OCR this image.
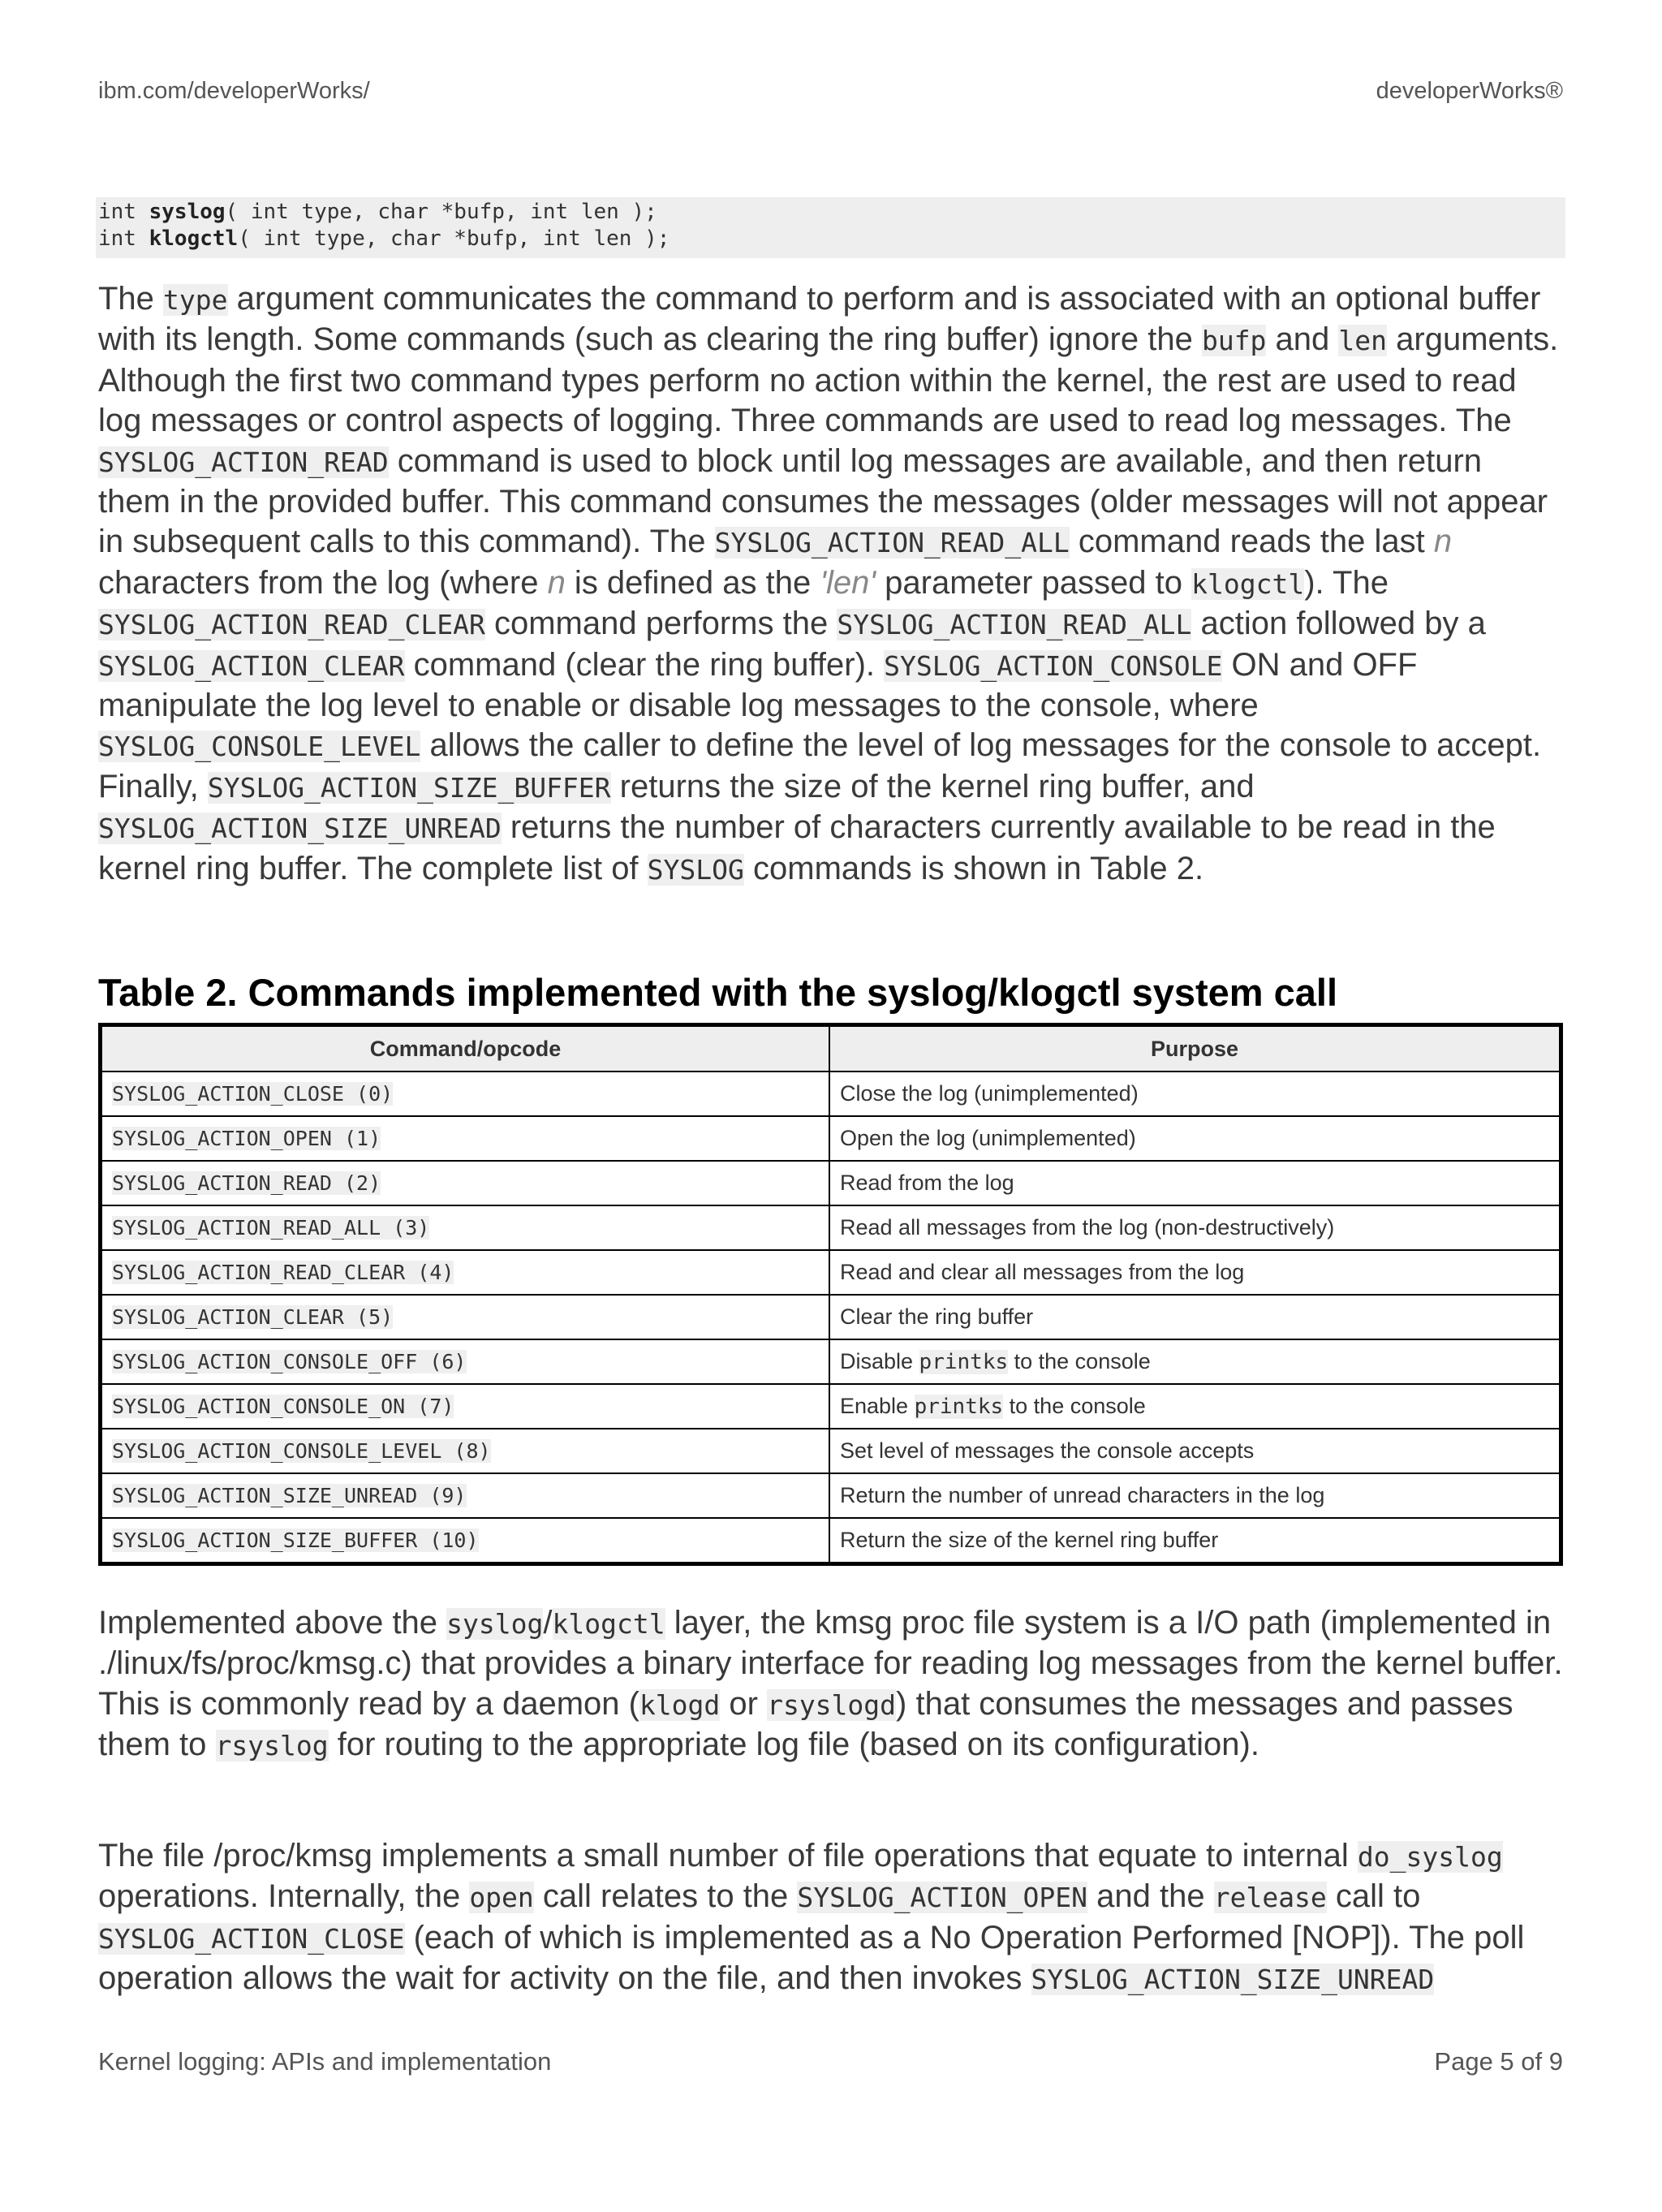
ibm.com/developerWorks/	developerWorks®
int syslog( int type, char *bufp, int len );
int klogctl( int type, char *bufp, int len );

The type argument communicates the command to perform and is associated with an optional buffer with its length. Some commands (such as clearing the ring buffer) ignore the bufp and len arguments. Although the first two command types perform no action within the kernel, the rest are used to read log messages or control aspects of logging. Three commands are used to read log messages. The SYSLOG_ACTION_READ command is used to block until log messages are available, and then return them in the provided buffer. This command consumes the messages (older messages will not appear in subsequent calls to this command). The SYSLOG_ACTION_READ_ALL command reads the last n characters from the log (where n is defined as the 'len' parameter passed to klogctl). The SYSLOG_ACTION_READ_CLEAR command performs the SYSLOG_ACTION_READ_ALL action followed by a SYSLOG_ACTION_CLEAR command (clear the ring buffer). SYSLOG_ACTION_CONSOLE ON and OFF manipulate the log level to enable or disable log messages to the console, where SYSLOG_CONSOLE_LEVEL allows the caller to define the level of log messages for the console to accept. Finally, SYSLOG_ACTION_SIZE_BUFFER returns the size of the kernel ring buffer, and SYSLOG_ACTION_SIZE_UNREAD returns the number of characters currently available to be read in the kernel ring buffer. The complete list of SYSLOG commands is shown in Table 2.

Table 2. Commands implemented with the syslog/klogctl system call
Command/opcode	Purpose
SYSLOG_ACTION_CLOSE (0)	Close the log (unimplemented)
SYSLOG_ACTION_OPEN (1)	Open the log (unimplemented)
SYSLOG_ACTION_READ (2)	Read from the log
SYSLOG_ACTION_READ_ALL (3)	Read all messages from the log (non-destructively)
SYSLOG_ACTION_READ_CLEAR (4)	Read and clear all messages from the log
SYSLOG_ACTION_CLEAR (5)	Clear the ring buffer
SYSLOG_ACTION_CONSOLE_OFF (6)	Disable printks to the console
SYSLOG_ACTION_CONSOLE_ON (7)	Enable printks to the console
SYSLOG_ACTION_CONSOLE_LEVEL (8)	Set level of messages the console accepts
SYSLOG_ACTION_SIZE_UNREAD (9)	Return the number of unread characters in the log
SYSLOG_ACTION_SIZE_BUFFER (10)	Return the size of the kernel ring buffer

Implemented above the syslog/klogctl layer, the kmsg proc file system is a I/O path (implemented in ./linux/fs/proc/kmsg.c) that provides a binary interface for reading log messages from the kernel buffer. This is commonly read by a daemon (klogd or rsyslogd) that consumes the messages and passes them to rsyslog for routing to the appropriate log file (based on its configuration).

The file /proc/kmsg implements a small number of file operations that equate to internal do_syslog operations. Internally, the open call relates to the SYSLOG_ACTION_OPEN and the release call to SYSLOG_ACTION_CLOSE (each of which is implemented as a No Operation Performed [NOP]). The poll operation allows the wait for activity on the file, and then invokes SYSLOG_ACTION_SIZE_UNREAD

Kernel logging: APIs and implementation	Page 5 of 9
